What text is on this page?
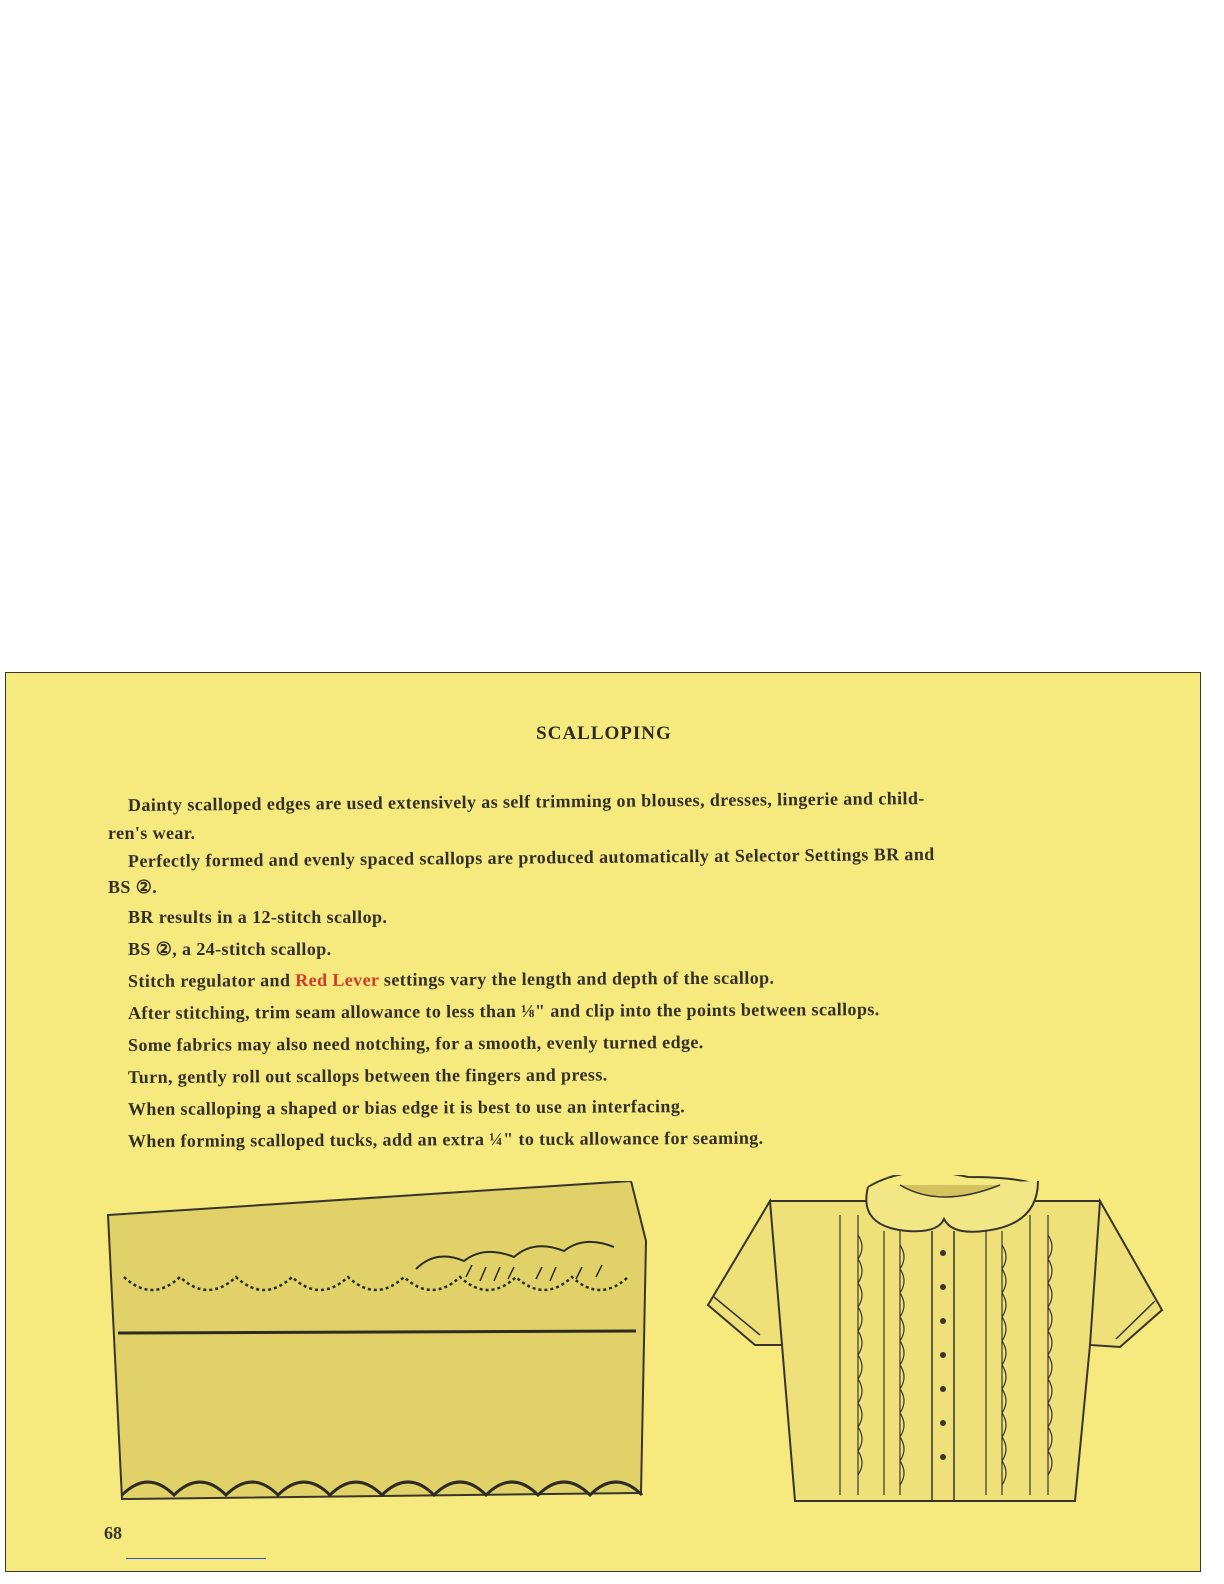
SCALLOPING
Dainty scalloped edges are used extensively as self trimming on blouses, dresses, lingerie and child-
ren's wear.
Perfectly formed and evenly spaced scallops are produced automatically at Selector Settings BR and
BS ②.
BR results in a 12-stitch scallop.
BS ②, a 24-stitch scallop.
Stitch regulator and Red Lever settings vary the length and depth of the scallop.
After stitching, trim seam allowance to less than ⅛" and clip into the points between scallops.
Some fabrics may also need notching, for a smooth, evenly turned edge.
Turn, gently roll out scallops between the fingers and press.
When scalloping a shaped or bias edge it is best to use an interfacing.
When forming scalloped tucks, add an extra ¼" to tuck allowance for seaming.
68
